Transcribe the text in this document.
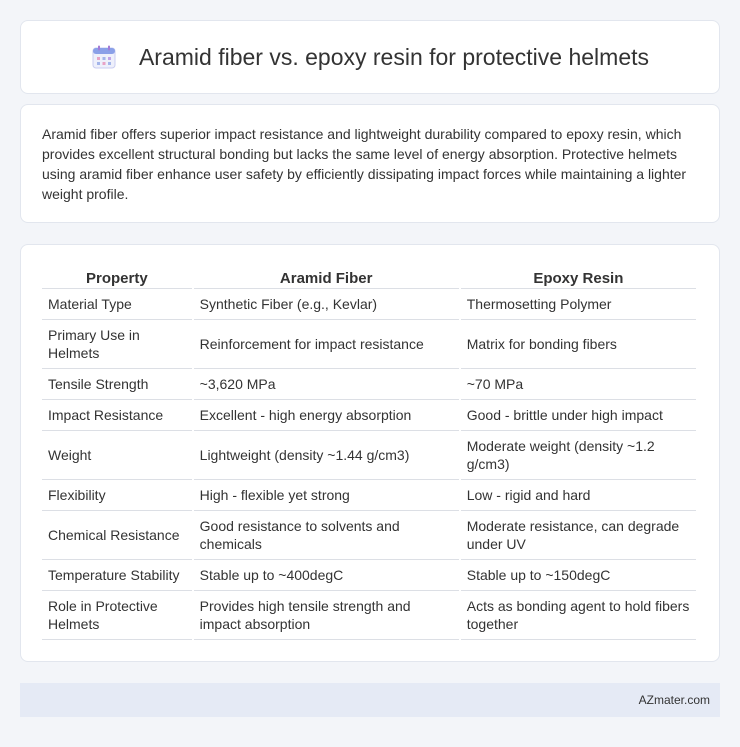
Aramid fiber vs. epoxy resin for protective helmets

Aramid fiber offers superior impact resistance and lightweight durability compared to epoxy resin, which provides excellent structural bonding but lacks the same level of energy absorption. Protective helmets using aramid fiber enhance user safety by efficiently dissipating impact forces while maintaining a lighter weight profile.

Property	Aramid Fiber	Epoxy Resin
Material Type	Synthetic Fiber (e.g., Kevlar)	Thermosetting Polymer
Primary Use in Helmets	Reinforcement for impact resistance	Matrix for bonding fibers
Tensile Strength	~3,620 MPa	~70 MPa
Impact Resistance	Excellent - high energy absorption	Good - brittle under high impact
Weight	Lightweight (density ~1.44 g/cm3)	Moderate weight (density ~1.2 g/cm3)
Flexibility	High - flexible yet strong	Low - rigid and hard
Chemical Resistance	Good resistance to solvents and chemicals	Moderate resistance, can degrade under UV
Temperature Stability	Stable up to ~400degC	Stable up to ~150degC
Role in Protective Helmets	Provides high tensile strength and impact absorption	Acts as bonding agent to hold fibers together
AZmater.com
